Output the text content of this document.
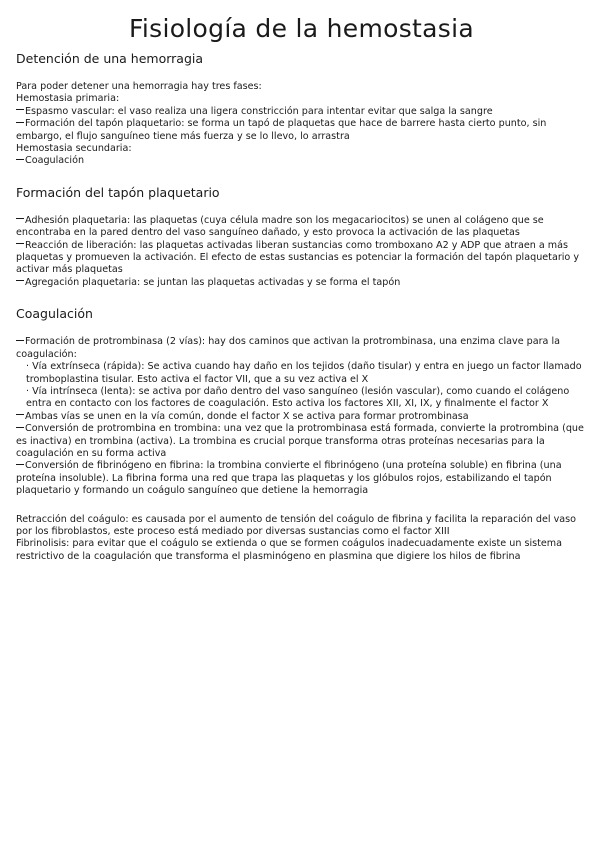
Fisiología de la hemostasia
Detención de una hemorragia

Para poder detener una hemorragia hay tres fases:

Hemostasia primaria:

Espasmo vascular: el vaso realiza una ligera constricción para intentar evitar que salga la sangre

Formación del tapón plaquetario: se forma un tapó de plaquetas que hace de barrere hasta cierto punto, sin embargo, el flujo sanguíneo tiene más fuerza y se lo llevo, lo arrastra

Hemostasia secundaria:

Coagulación

Formación del tapón plaquetario

Adhesión plaquetaria: las plaquetas (cuya célula madre son los megacariocitos) se unen al colágeno que se encontraba en la pared dentro del vaso sanguíneo dañado, y esto provoca la activación de las plaquetas

Reacción de liberación: las plaquetas activadas liberan sustancias como tromboxano A2 y ADP que atraen a más plaquetas y promueven la activación. El efecto de estas sustancias es potenciar la formación del tapón plaquetario y activar más plaquetas

Agregación plaquetaria: se juntan las plaquetas activadas y se forma el tapón

Coagulación

Formación de protrombinasa (2 vías): hay dos caminos que activan la protrombinasa, una enzima clave para la coagulación:

· Vía extrínseca (rápida): Se activa cuando hay daño en los tejidos (daño tisular) y entra en juego un factor llamado tromboplastina tisular. Esto activa el factor VII, que a su vez activa el X

· Vía intrínseca (lenta): se activa por daño dentro del vaso sanguíneo (lesión vascular), como cuando el colágeno entra en contacto con los factores de coagulación. Esto activa los factores XII, XI, IX, y finalmente el factor X

Ambas vías se unen en la vía común, donde el factor X se activa para formar protrombinasa

Conversión de protrombina en trombina: una vez que la protrombinasa está formada, convierte la protrombina (que es inactiva) en trombina (activa). La trombina es crucial porque transforma otras proteínas necesarias para la coagulación en su forma activa

Conversión de fibrinógeno en fibrina: la trombina convierte el fibrinógeno (una proteína soluble) en fibrina (una proteína insoluble). La fibrina forma una red que trapa las plaquetas y los glóbulos rojos, estabilizando el tapón plaquetario y formando un coágulo sanguíneo que detiene la hemorragia

Retracción del coágulo: es causada por el aumento de tensión del coágulo de fibrina y facilita la reparación del vaso por los fibroblastos, este proceso está mediado por diversas sustancias como el factor XIII

Fibrinolisis: para evitar que el coágulo se extienda o que se formen coágulos inadecuadamente existe un sistema restrictivo de la coagulación que transforma el plasminógeno en plasmina que digiere los hilos de fibrina
